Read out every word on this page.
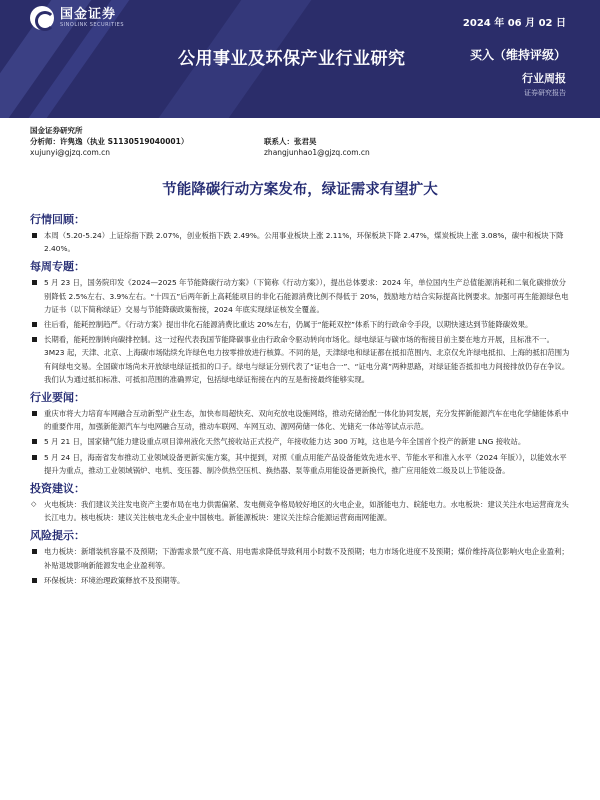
国金证券
SINOLINK SECURITIES	2024 年 06 月 02 日
公用事业及环保产业行业研究	买入（维持评级）
行业周报
证券研究报告
国金证券研究所
分析师：许隽逸（执业 S1130519040001）	联系人：张君昊
xujunyi@gjzq.com.cn	zhangjunhao1@gjzq.com.cn
节能降碳行动方案发布，绿证需求有望扩大
行情回顾：
本周（5.20-5.24）上证综指下跌 2.07%，创业板指下跌 2.49%。公用事业板块上涨 2.11%，环保板块下降 2.47%，煤炭板块上涨 3.08%，碳中和板块下降 2.40%。
每周专题：
5 月 23 日，国务院印发《2024—2025 年节能降碳行动方案》（下简称《行动方案》），提出总体要求：2024 年，单位国内生产总值能源消耗和二氧化碳排放分别降低 2.5%左右、3.9%左右。“十四五”后两年新上高耗能项目的非化石能源消费比例不得低于 20%，鼓励地方结合实际提高比例要求。加强可再生能源绿色电力证书（以下简称绿证）交易与节能降碳政策衔接，2024 年底实现绿证核发全覆盖。
往后看，能耗控制趋严。《行动方案》提出非化石能源消费比重达 20%左右，仍属于“能耗双控”体系下的行政命令手段，以期快速达到节能降碳效果。
长期看，能耗控制转向碳排控制。这一过程代表我国节能降碳事业由行政命令驱动转向市场化。绿电绿证与碳市场的衔接目前主要在地方开展，且标准不一。3M23 起，天津、北京、上海碳市场陆续允许绿色电力按零排放进行核算。不同的是，天津绿电和绿证都在抵扣范围内、北京仅允许绿电抵扣、上海的抵扣范围为有间绿电交易。全国碳市场尚未开放绿电绿证抵扣的口子。绿电与绿证分别代表了“证电合一”、“证电分离”两种思路，对绿证能否抵扣电力间接排放仍存在争议。我们认为通过抵扣标准、可抵扣范围的准确界定，包括绿电绿证衔接在内的互是衔接最终能够实现。
行业要闻：
重庆市将大力培育车网融合互动新型产业生态，加快布局超快充、双向充放电设施网络，推动充储治配一体化协同发展，充分发挥新能源汽车在电化学储能体系中的重要作用，加强新能源汽车与电网融合互动，推动车联网、车网互动、源网荷储一体化、光储充一体站等试点示范。
5 月 21 日，国家储气能力建设重点项目漳州液化天然气接收站正式投产，年接收能力达 300 万吨，这也是今年全国首个投产的新建 LNG 接收站。
5 月 24 日，海南省发布推动工业领域设备更新实施方案，其中提到，对照《重点用能产品设备能效先进水平、节能水平和准入水平（2024 年版）》，以能效水平提升为重点，推动工业领域锅炉、电机、变压器、制冷供热空压机、换热器、泵等重点用能设备更新换代，推广应用能效二级及以上节能设备。
投资建议：
◇ 火电板块：我们建议关注发电资产主要布局在电力供需偏紧、发电侧竞争格局较好地区的火电企业，如浙能电力、皖能电力。水电板块：建议关注水电运营商龙头长江电力。核电板块：建议关注核电龙头企业中国核电。新能源板块：建议关注综合能源运营商南网能源。
风险提示：
电力板块：新增装机容量不及预期；下游需求景气度不高、用电需求降低导致利用小时数不及预期；电力市场化进度不及预期；煤价维持高位影响火电企业盈利；补贴退坡影响新能源发电企业盈利等。
环保板块：环境治理政策释放不及预期等。
